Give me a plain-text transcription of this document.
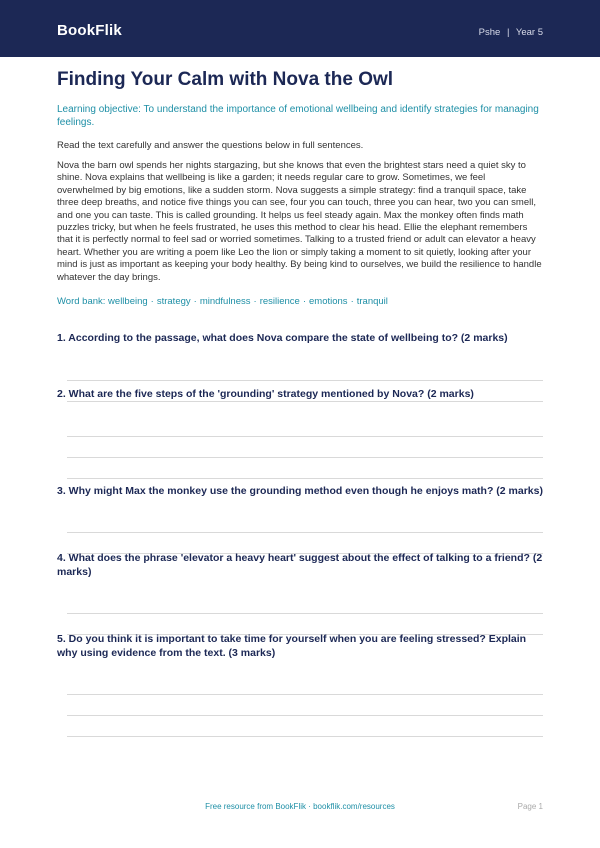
BookFlik	Pshe | Year 5
Finding Your Calm with Nova the Owl
Learning objective: To understand the importance of emotional wellbeing and identify strategies for managing feelings.
Read the text carefully and answer the questions below in full sentences.
Nova the barn owl spends her nights stargazing, but she knows that even the brightest stars need a quiet sky to shine. Nova explains that wellbeing is like a garden; it needs regular care to grow. Sometimes, we feel overwhelmed by big emotions, like a sudden storm. Nova suggests a simple strategy: find a tranquil space, take three deep breaths, and notice five things you can see, four you can touch, three you can hear, two you can smell, and one you can taste. This is called grounding. It helps us feel steady again. Max the monkey often finds math puzzles tricky, but when he feels frustrated, he uses this method to clear his head. Ellie the elephant remembers that it is perfectly normal to feel sad or worried sometimes. Talking to a trusted friend or adult can elevator a heavy heart. Whether you are writing a poem like Leo the lion or simply taking a moment to sit quietly, looking after your mind is just as important as keeping your body healthy. By being kind to ourselves, we build the resilience to handle whatever the day brings.
Word bank: wellbeing · strategy · mindfulness · resilience · emotions · tranquil
1. According to the passage, what does Nova compare the state of wellbeing to? (2 marks)
2. What are the five steps of the 'grounding' strategy mentioned by Nova? (2 marks)
3. Why might Max the monkey use the grounding method even though he enjoys math? (2 marks)
4. What does the phrase 'elevator a heavy heart' suggest about the effect of talking to a friend? (2 marks)
5. Do you think it is important to take time for yourself when you are feeling stressed? Explain why using evidence from the text. (3 marks)
Free resource from BookFlik · bookflik.com/resources	Page 1
